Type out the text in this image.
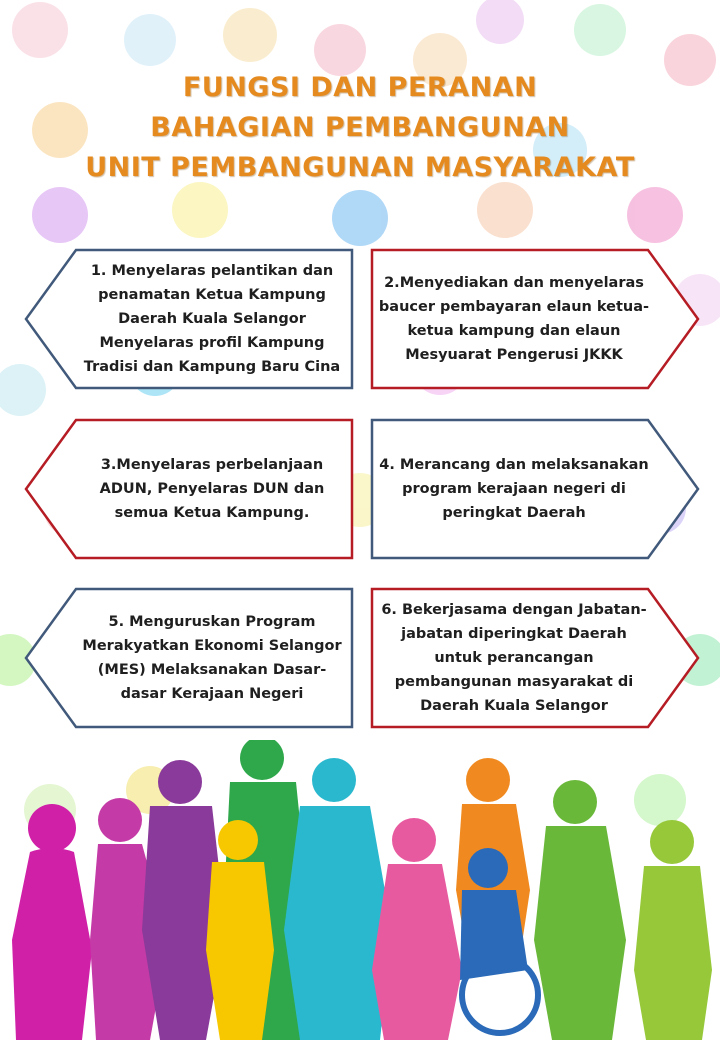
FUNGSI DAN PERANAN
BAHAGIAN PEMBANGUNAN
UNIT PEMBANGUNAN MASYARAKAT
1. Menyelaras pelantikan dan penamatan Ketua Kampung Daerah Kuala Selangor Menyelaras profil Kampung Tradisi dan Kampung Baru Cina
2.Menyediakan dan menyelaras baucer pembayaran elaun ketua-ketua kampung dan elaun Mesyuarat Pengerusi JKKK
3.Menyelaras perbelanjaan ADUN, Penyelaras DUN dan semua Ketua Kampung.
4. Merancang dan melaksanakan program kerajaan negeri di peringkat Daerah
5. Menguruskan Program Merakyatkan Ekonomi Selangor (MES) Melaksanakan Dasar- dasar Kerajaan Negeri
6. Bekerjasama dengan Jabatan-jabatan diperingkat Daerah untuk perancangan pembangunan masyarakat di Daerah Kuala Selangor
